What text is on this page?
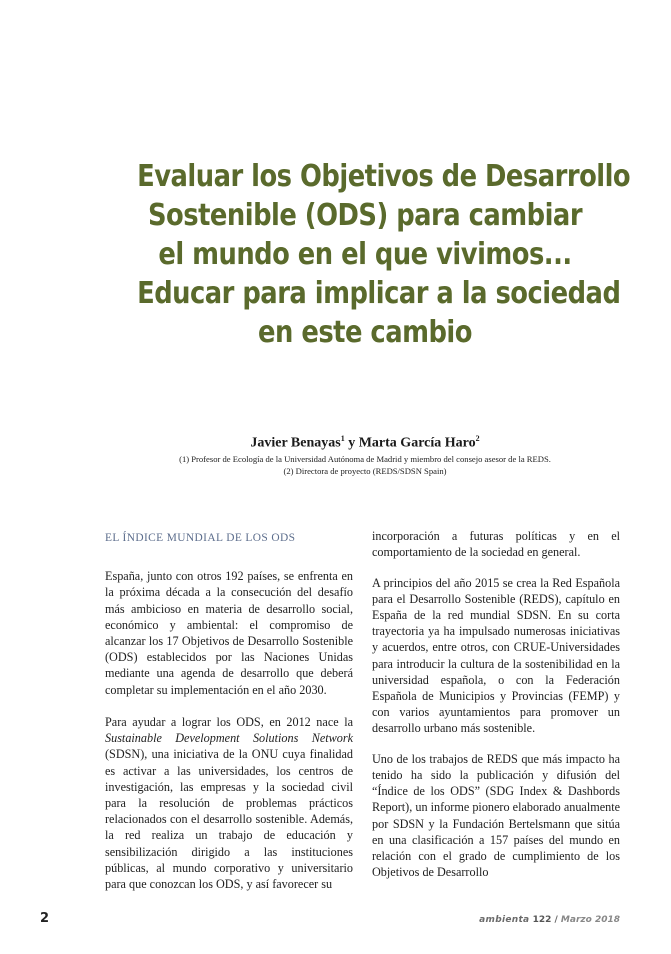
Evaluar los Objetivos de Desarrollo
Sostenible (ODS) para cambiar
el mundo en el que vivimos...
Educar para implicar a la sociedad
en este cambio
Javier Benayas$^1$ y Marta García Haro$^2$
(1) Profesor de Ecología de la Universidad Autónoma de Madrid y miembro del consejo asesor de la REDS.
(2) Directora de proyecto (REDS/SDSN Spain)
EL ÍNDICE MUNDIAL DE LOS ODS

España, junto con otros 192 países, se enfrenta en la próxima década a la consecución del desafío más ambicioso en materia de desarrollo social, económico y ambiental: el compromiso de alcanzar los 17 Objetivos de Desarrollo Sostenible (ODS) establecidos por las Naciones Unidas mediante una agenda de desarrollo que deberá completar su implementación en el año 2030.

Para ayudar a lograr los ODS, en 2012 nace la Sustainable Development Solutions Network (SDSN), una iniciativa de la ONU cuya finalidad es activar a las universidades, los centros de investigación, las empresas y la sociedad civil para la resolución de problemas prácticos relacionados con el desarrollo sostenible. Además, la red realiza un trabajo de educación y sensibilización dirigido a las instituciones públicas, al mundo corporativo y universitario para que conozcan los ODS, y así favorecer su

incorporación a futuras políticas y en el comportamiento de la sociedad en general.

A principios del año 2015 se crea la Red Española para el Desarrollo Sostenible (REDS), capítulo en España de la red mundial SDSN. En su corta trayectoria ya ha impulsado numerosas iniciativas y acuerdos, entre otros, con CRUE-Universidades para introducir la cultura de la sostenibilidad en la universidad española, o con la Federación Española de Municipios y Provincias (FEMP) y con varios ayuntamientos para promover un desarrollo urbano más sostenible.

Uno de los trabajos de REDS que más impacto ha tenido ha sido la publicación y difusión del “Índice de los ODS” (SDG Index & Dashbords Report), un informe pionero elaborado anualmente por SDSN y la Fundación Bertelsmann que sitúa en una clasificación a 157 países del mundo en relación con el grado de cumplimiento de los Objetivos de Desarrollo

2	ambienta 122 / Marzo 2018
